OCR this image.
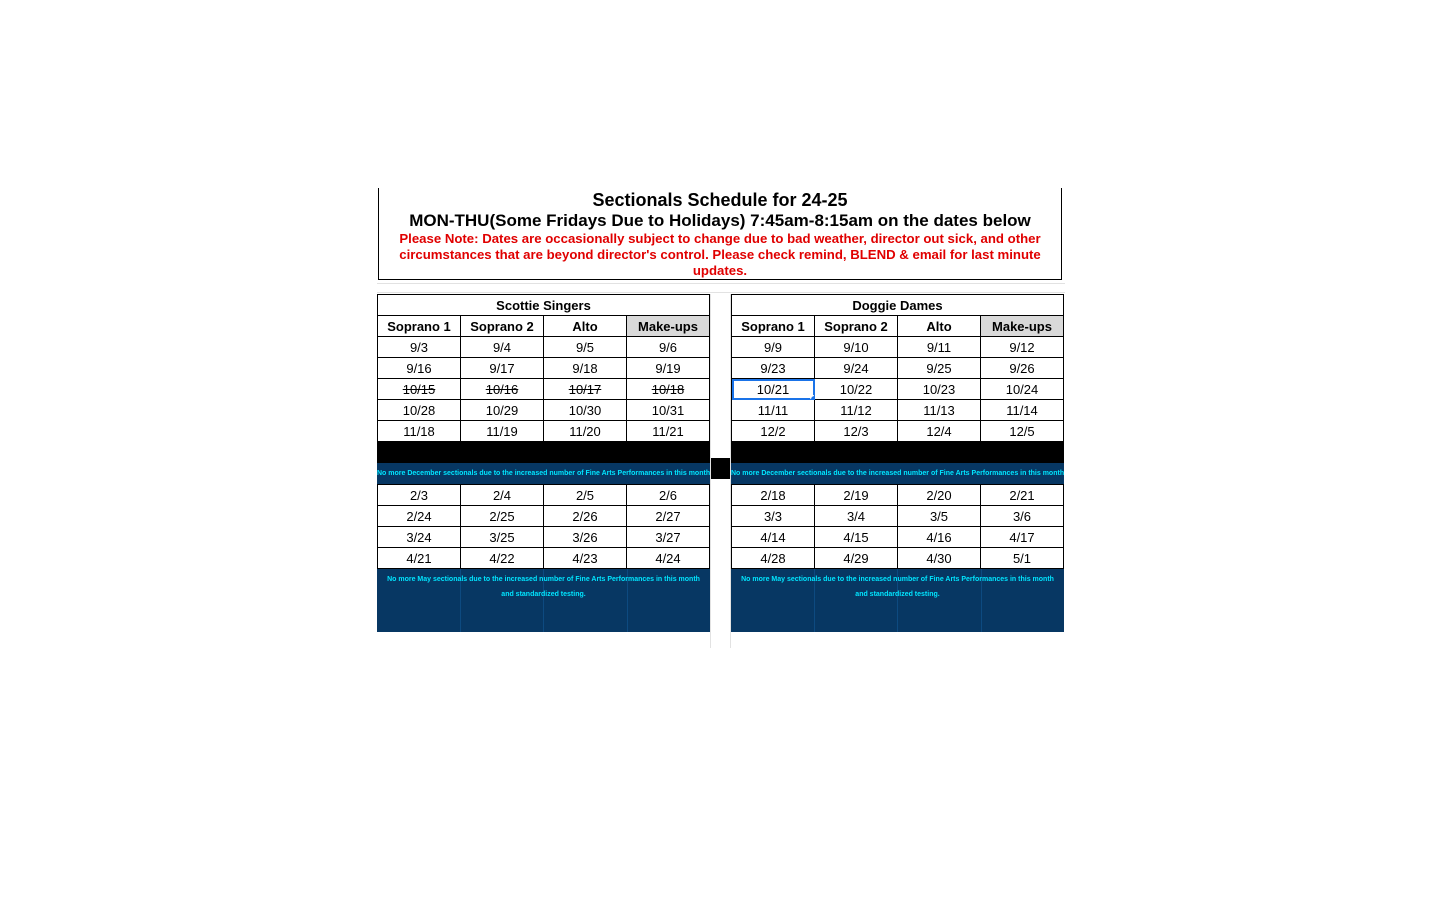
Sectionals Schedule for 24-25
MON-THU(Some Fridays Due to Holidays) 7:45am-8:15am on the dates below
Please Note: Dates are occasionally subject to change due to bad weather, director out sick, and other circumstances that are beyond director's control. Please check remind, BLEND & email for last minute updates.
Scottie Singers			
Soprano 1	Soprano 2	Alto	Make-ups
9/3	9/4	9/5	9/6
9/16	9/17	9/18	9/19
10/15	10/16	10/17	10/18
10/28	10/29	10/30	10/31
11/18	11/19	11/20	11/21
No more December sectionals due to the increased number of Fine Arts Performances in this month
2/3	2/4	2/5	2/6
2/24	2/25	2/26	2/27
3/24	3/25	3/26	3/27
4/21	4/22	4/23	4/24
No more May sectionals due to the increased number of Fine Arts Performances in this month
and standardized testing.
Doggie Dames			
Soprano 1	Soprano 2	Alto	Make-ups
9/9	9/10	9/11	9/12
9/23	9/24	9/25	9/26
10/21	10/22	10/23	10/24
11/11	11/12	11/13	11/14
12/2	12/3	12/4	12/5
No more December sectionals due to the increased number of Fine Arts Performances in this month
2/18	2/19	2/20	2/21
3/3	3/4	3/5	3/6
4/14	4/15	4/16	4/17
4/28	4/29	4/30	5/1
No more May sectionals due to the increased number of Fine Arts Performances in this month
and standardized testing.
